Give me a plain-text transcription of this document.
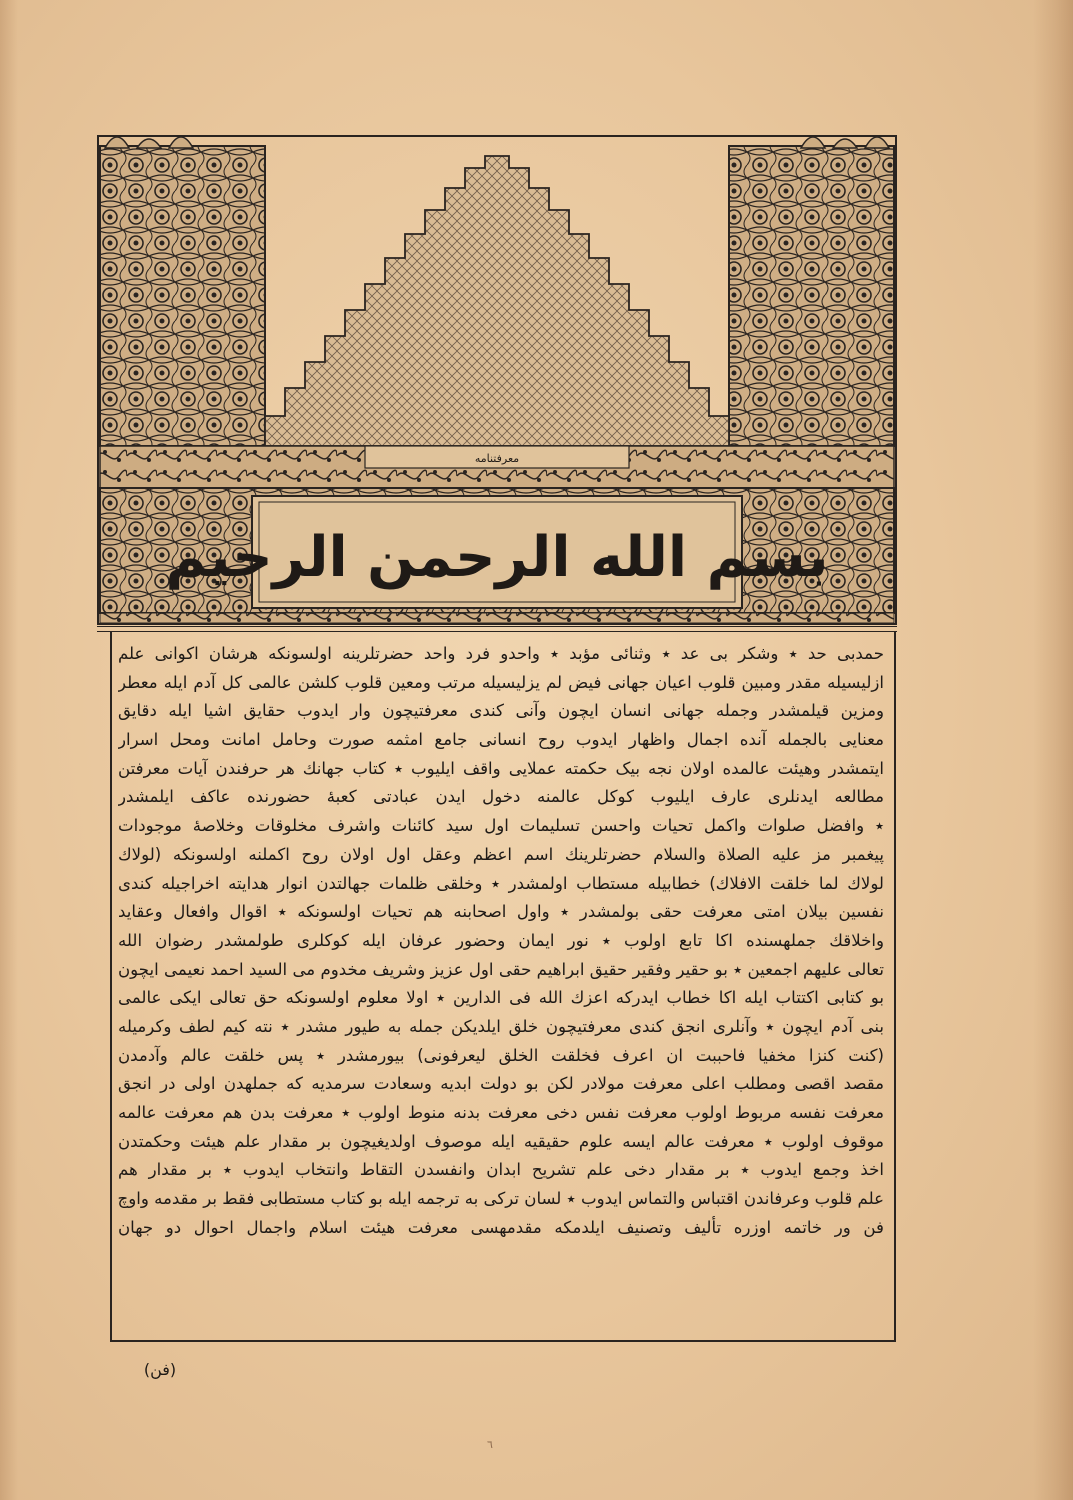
معرفتنامه
بسم الله الرحمن الرحيم
حمدبی حد ٭ وشکر بی عد ٭ وثنائی مؤبد ٭ واحدو فرد واحد حضرتلرینه اولسونکه هرشان اکوانی علم
ازلیسیله مقدر ومبین قلوب اعیان جهانی فیض لم یزلیسیله مرتب ومعین قلوب کلشن عالمی کل آدم ایله معطر
ومزین قیلمشدر وجمله جهانی انسان ایچون وآنی کندی معرفتیچون وار ایدوب حقایق اشیا ایله دقایق
معنایی بالجمله آنده اجمال واظهار ایدوب روح انسانی جامع امثمه صورت وحامل امانت ومحل اسرار
ایتمشدر وهیئت عالمده اولان نجه بیک حکمته عملایی واقف ایلیوب ٭ کتاب جهانك هر حرفندن آیات معرفتن
مطالعه ایدنلری عارف ایلیوب کوکل عالمنه دخول ایدن عبادتی کعبهٔ حضورنده عاکف ایلمشدر
٭ وافضل صلوات واکمل تحیات واحسن تسلیمات اول سید کائنات واشرف مخلوقات وخلاصهٔ موجودات
پیغمبر مز علیه الصلاة والسلام حضرتلرینك اسم اعظم وعقل اول اولان روح اکملنه اولسونکه (لولاك
لولاك لما خلقت الافلاك) خطابیله مستطاب اولمشدر ٭ وخلقی ظلمات جهالتدن انوار هدایته اخراجیله کندی
نفسین بیلان امتی معرفت حقی بولمشدر ٭ واول اصحابنه هم تحیات اولسونکه ٭ اقوال وافعال وعقاید
واخلاقك جملهسنده اکا تابع اولوب ٭ نور ایمان وحضور عرفان ایله کوکلری طولمشدر رضوان الله
تعالی علیهم اجمعین ٭ بو حقیر وفقیر حقیق ابراهیم حقی اول عزیز وشریف مخدوم می السید احمد نعیمی ایچون
بو کتابی اکتتاب ایله اکا خطاب ایدرکه اعزك الله فی الدارین ٭ اولا معلوم اولسونکه حق تعالی ایکی عالمی
بنی آدم ایچون ٭ وآنلری انجق کندی معرفتیچون خلق ایلدیکن جمله به طیور مشدر ٭ نته کیم لطف وکرمیله
(کنت کنزا مخفیا فاحببت ان اعرف فخلقت الخلق لیعرفونی) بیورمشدر ٭ پس خلقت عالم وآدمدن
مقصد اقصی ومطلب اعلی معرفت مولادر لکن بو دولت ابدیه وسعادت سرمدیه که جملهدن اولی در انجق
معرفت نفسه مربوط اولوب معرفت نفس دخی معرفت بدنه منوط اولوب ٭ معرفت بدن هم معرفت عالمه
موقوف اولوب ٭ معرفت عالم ایسه علوم حقیقیه ایله موصوف اولدیغیچون بر مقدار علم هیئت وحکمتدن
اخذ وجمع ایدوب ٭ بر مقدار دخی علم تشریح ابدان وانفسدن التقاط وانتخاب ایدوب ٭ بر مقدار هم
علم قلوب وعرفاندن اقتباس والتماس ایدوب ٭ لسان ترکی به ترجمه ایله بو کتاب مستطابی فقط بر مقدمه واوچ
فن ور خاتمه اوزره تألیف وتصنیف ایلدمکه مقدمهسی معرفت هیئت اسلام واجمال احوال دو جهان
(فن)
٦
